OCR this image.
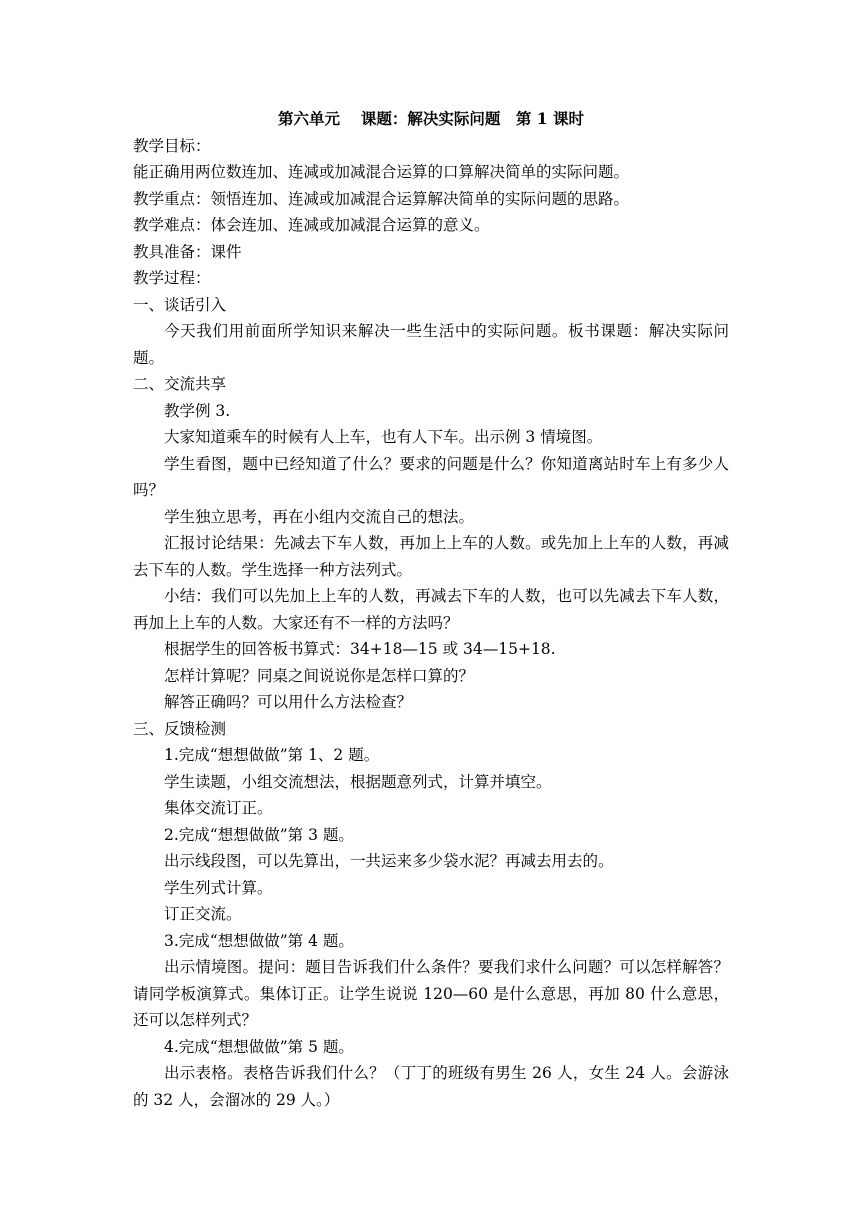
第六单元　 课题：解决实际问题　第 1 课时
教学目标：
能正确用两位数连加、连减或加减混合运算的口算解决简单的实际问题。
教学重点：领悟连加、连减或加减混合运算解决简单的实际问题的思路。
教学难点：体会连加、连减或加减混合运算的意义。
教具准备：课件
教学过程：
一、谈话引入
今天我们用前面所学知识来解决一些生活中的实际问题。板书课题：解决实际问题。
二、交流共享
教学例 3.
大家知道乘车的时候有人上车，也有人下车。出示例 3 情境图。
学生看图，题中已经知道了什么？要求的问题是什么？你知道离站时车上有多少人吗？
学生独立思考，再在小组内交流自己的想法。
汇报讨论结果：先减去下车人数，再加上上车的人数。或先加上上车的人数，再减去下车的人数。学生选择一种方法列式。
小结：我们可以先加上上车的人数，再减去下车的人数，也可以先减去下车人数，再加上上车的人数。大家还有不一样的方法吗？
根据学生的回答板书算式：34+18—15 或 34—15+18.
怎样计算呢？同桌之间说说你是怎样口算的？
解答正确吗？可以用什么方法检查？
三、反馈检测
1.完成“想想做做”第 1、2 题。
学生读题，小组交流想法，根据题意列式，计算并填空。
集体交流订正。
2.完成“想想做做”第 3 题。
出示线段图，可以先算出，一共运来多少袋水泥？再减去用去的。
学生列式计算。
订正交流。
3.完成“想想做做”第 4 题。
出示情境图。提问：题目告诉我们什么条件？要我们求什么问题？可以怎样解答？请同学板演算式。集体订正。让学生说说 120—60 是什么意思，再加 80 什么意思，还可以怎样列式？
4.完成“想想做做”第 5 题。
出示表格。表格告诉我们什么？（丁丁的班级有男生 26 人，女生 24 人。会游泳的 32 人，会溜冰的 29 人。）
